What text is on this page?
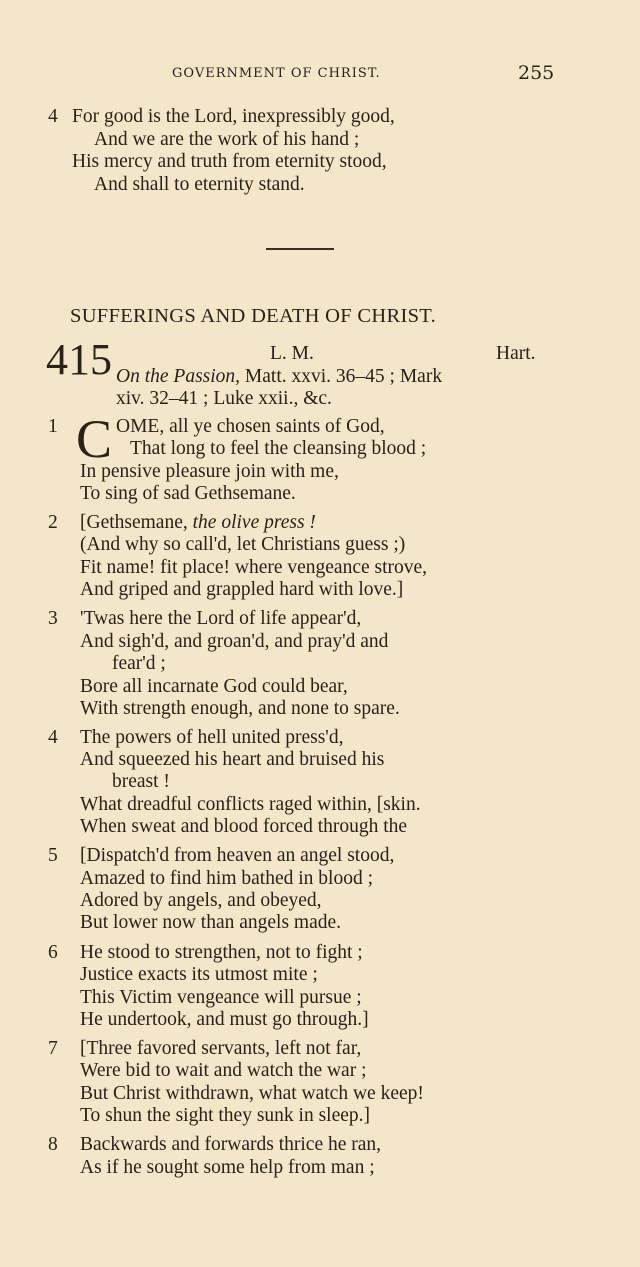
GOVERNMENT OF CHRIST.	255
4 For good is the Lord, inexpressibly good,
And we are the work of his hand ;
His mercy and truth from eternity stood,
And shall to eternity stand.
SUFFERINGS AND DEATH OF CHRIST.
415	L. M.	Hart.
On the Passion, Matt. xxvi. 36–45 ; Mark
xiv. 32–41 ; Luke xxii., &c.
1 C OME, all ye chosen saints of God,
That long to feel the cleansing blood ;
In pensive pleasure join with me,
To sing of sad Gethsemane.
2 [Gethsemane, the olive press !
(And why so call'd, let Christians guess ;)
Fit name! fit place! where vengeance strove,
And griped and grappled hard with love.]
3 'Twas here the Lord of life appear'd,
And sigh'd, and groan'd, and pray'd and
fear'd ;
Bore all incarnate God could bear,
With strength enough, and none to spare.
4 The powers of hell united press'd,
And squeezed his heart and bruised his
breast !
What dreadful conflicts raged within, [skin.
When sweat and blood forced through the
5 [Dispatch'd from heaven an angel stood,
Amazed to find him bathed in blood ;
Adored by angels, and obeyed,
But lower now than angels made.
6 He stood to strengthen, not to fight ;
Justice exacts its utmost mite ;
This Victim vengeance will pursue ;
He undertook, and must go through.]
7 [Three favored servants, left not far,
Were bid to wait and watch the war ;
But Christ withdrawn, what watch we keep!
To shun the sight they sunk in sleep.]
8 Backwards and forwards thrice he ran,
As if he sought some help from man ;
